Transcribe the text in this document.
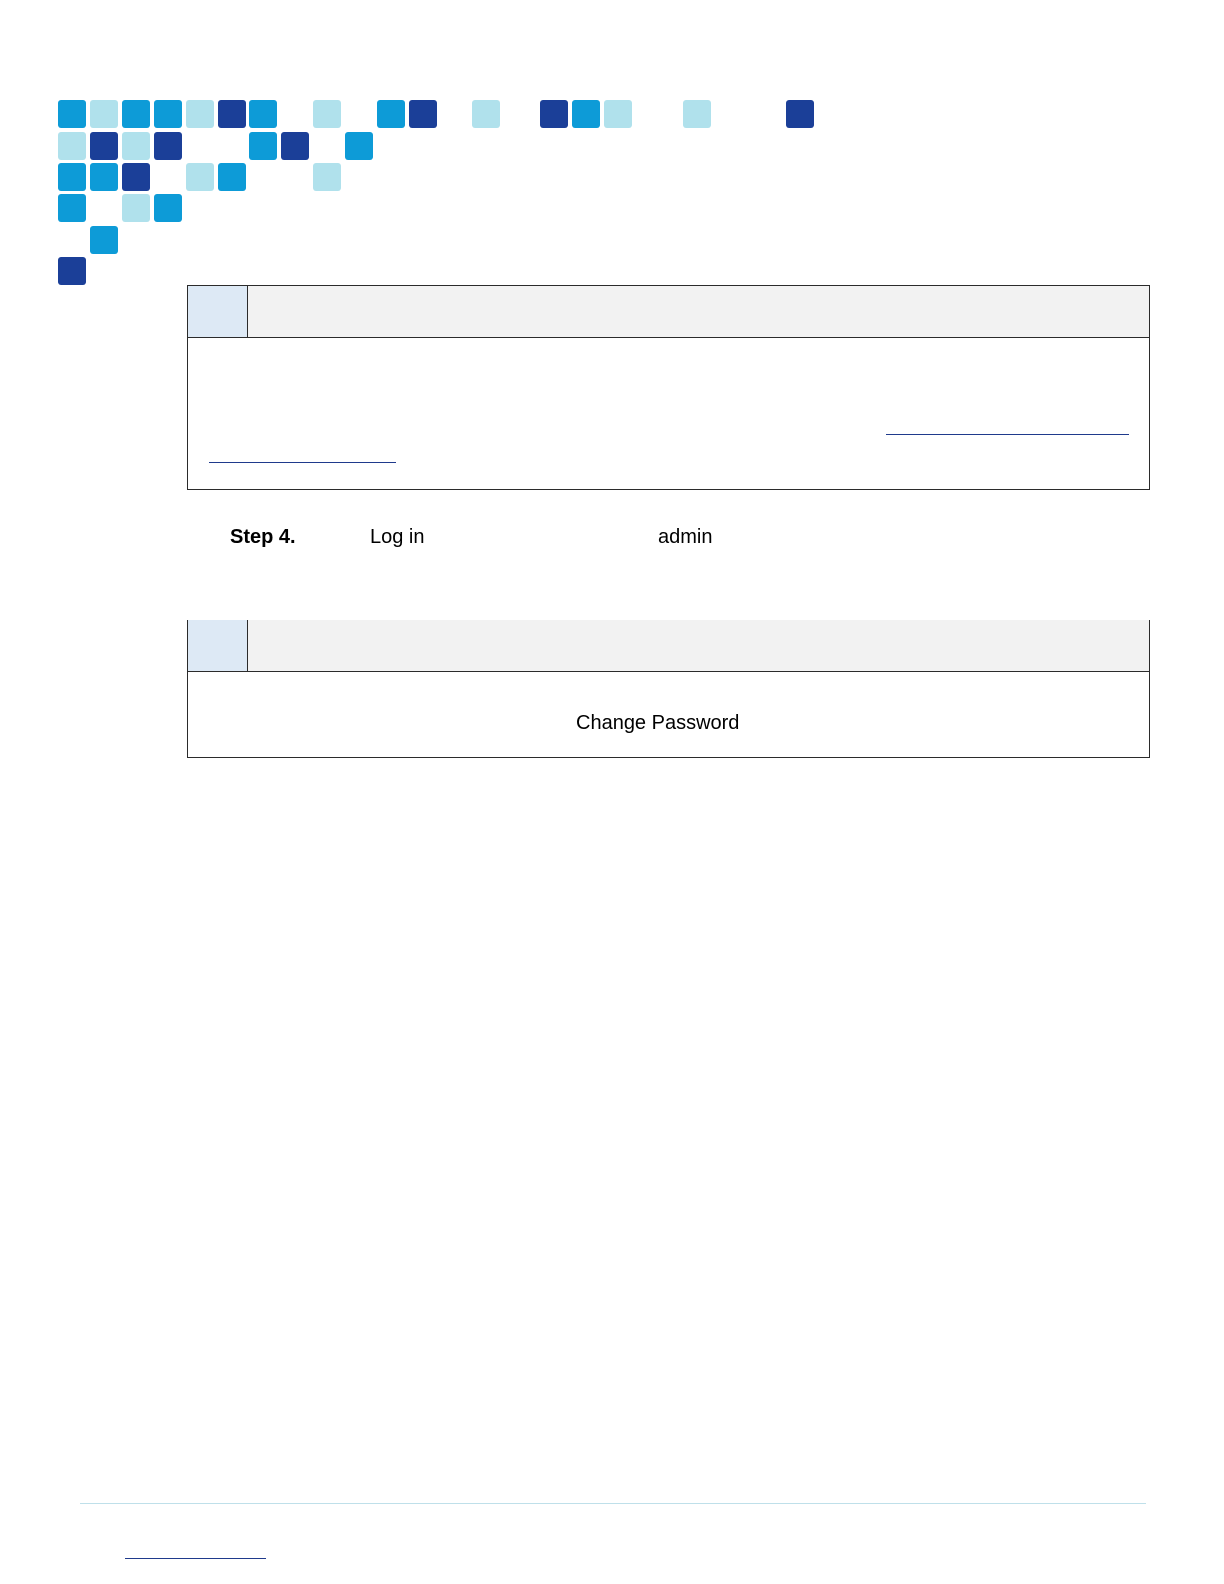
Step 4.	Log in	admin
Change Password
